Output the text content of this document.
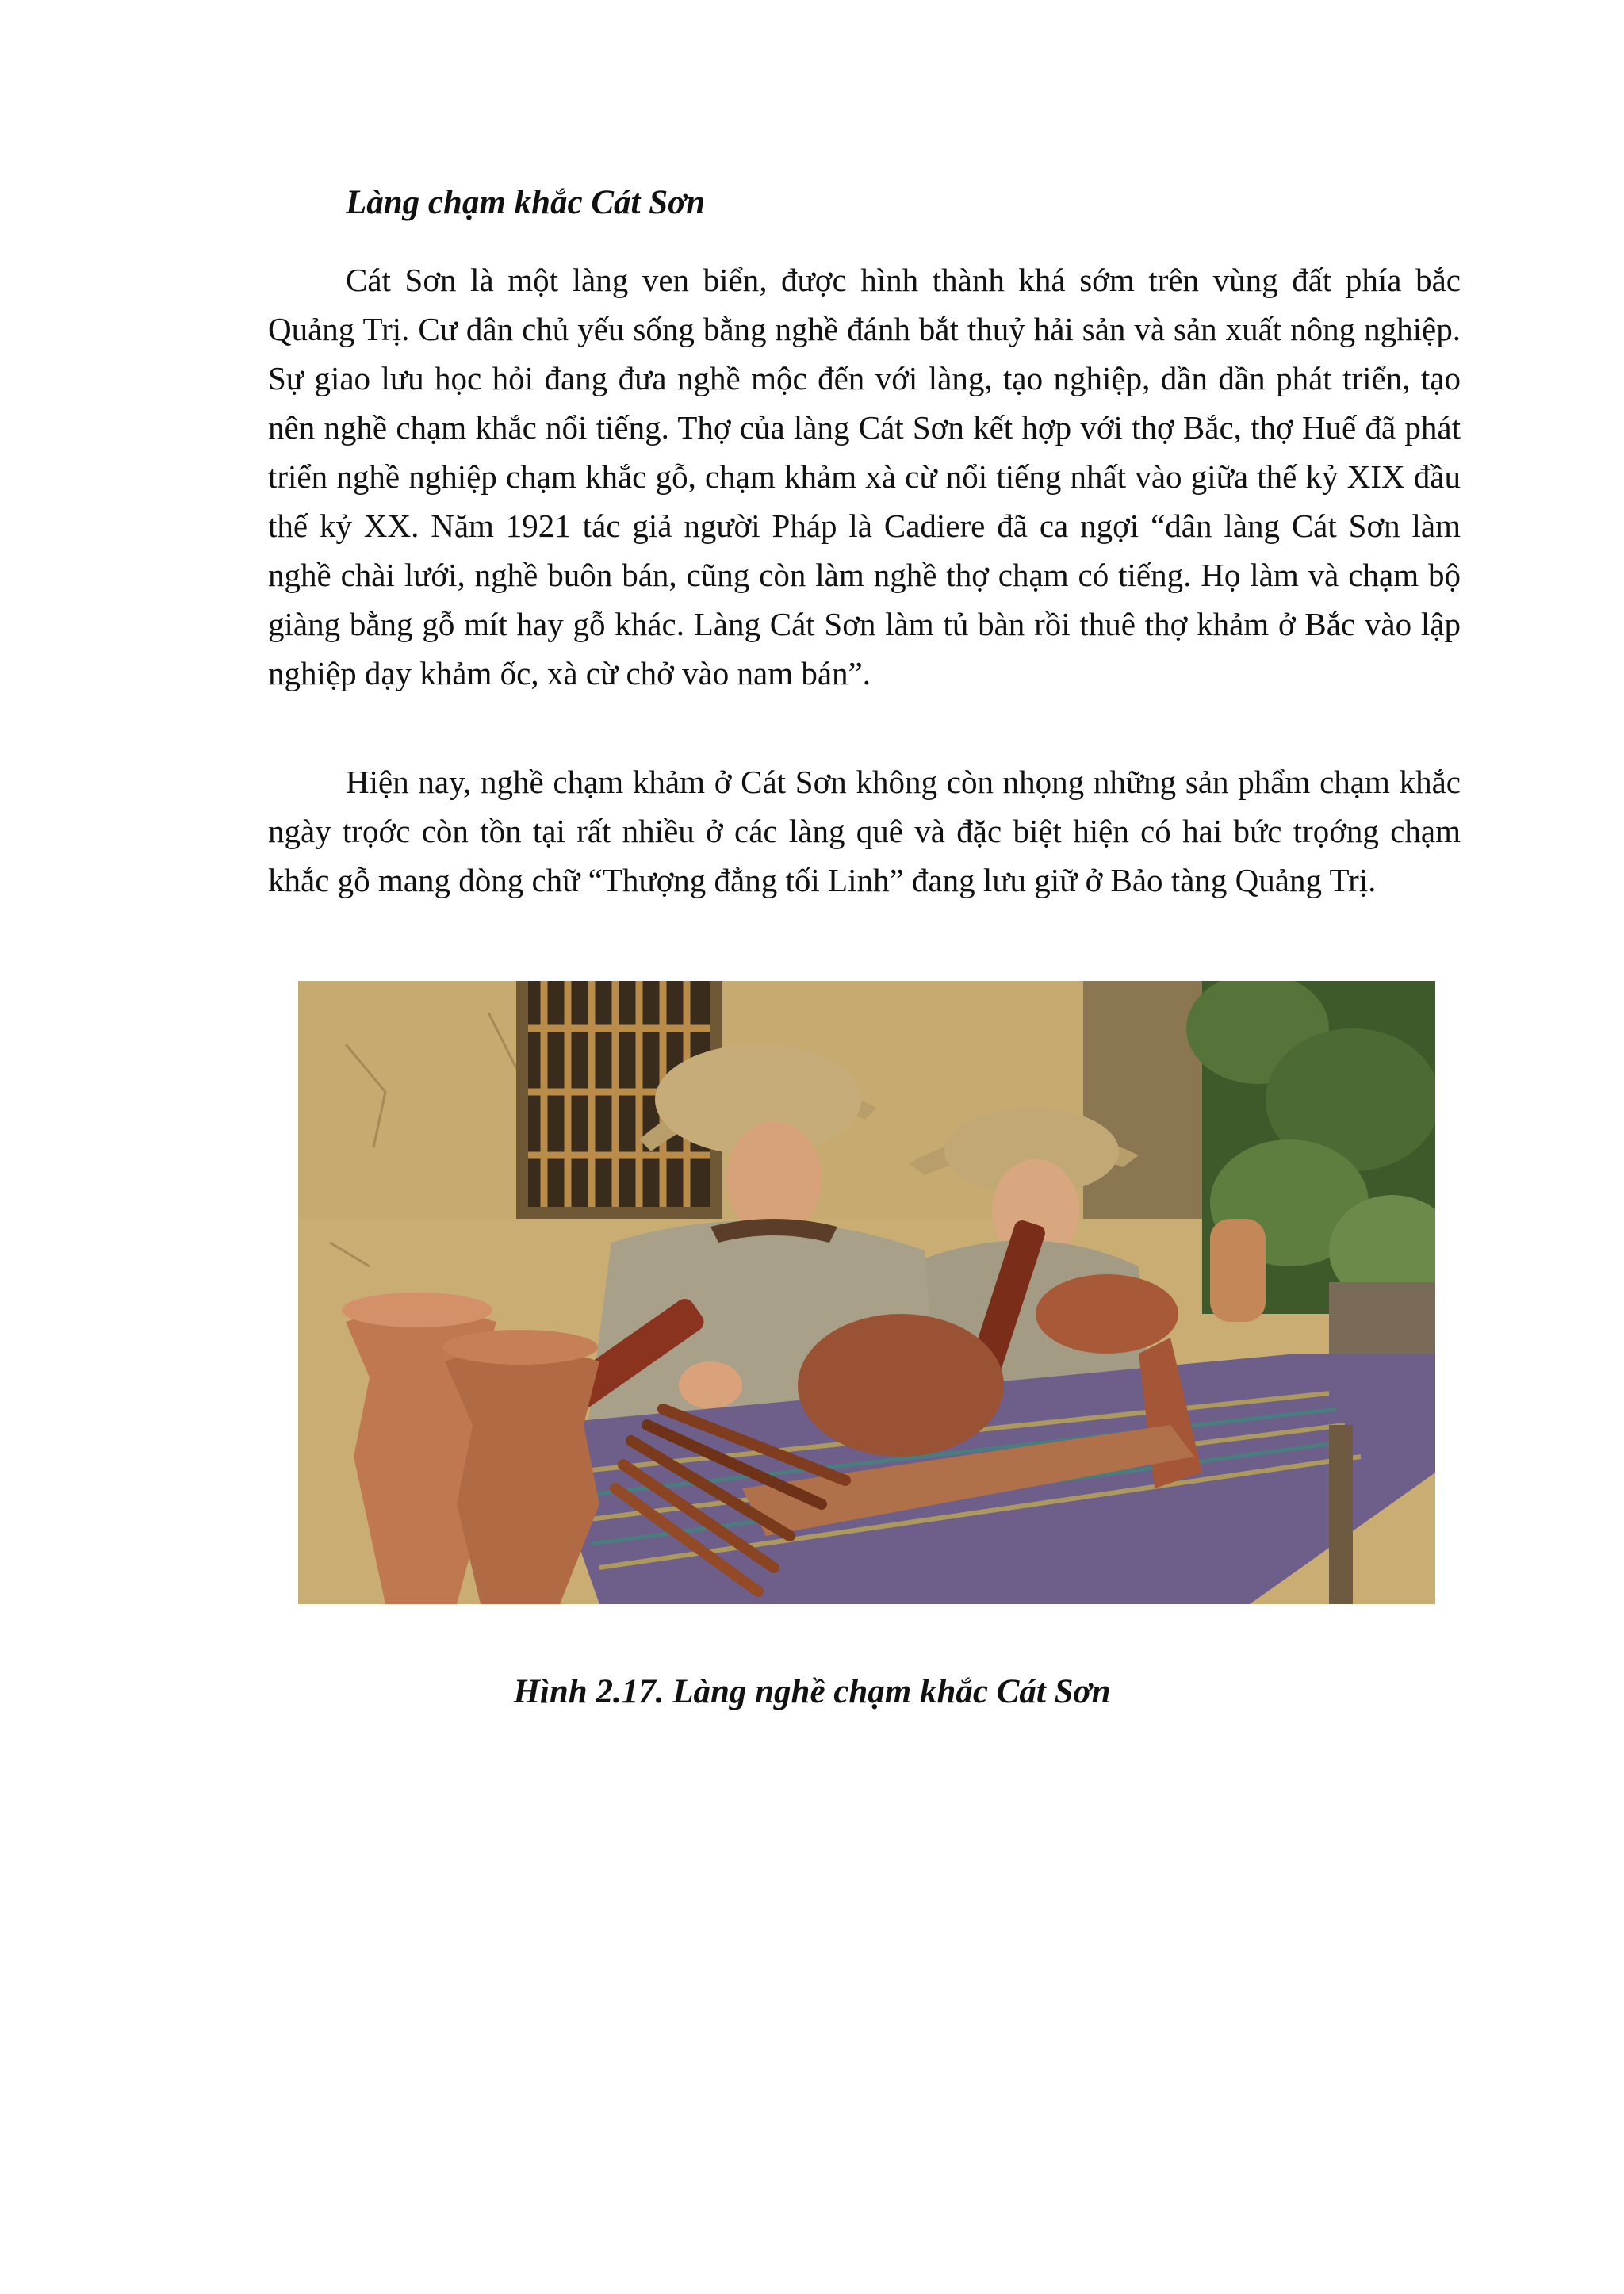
Làng chạm khắc Cát Sơn

Cát Sơn là một làng ven biển, được hình thành khá sớm trên vùng đất phía bắc Quảng Trị. Cư dân chủ yếu sống bằng nghề đánh bắt thuỷ hải sản và sản xuất nông nghiệp. Sự giao lưu học hỏi đang đưa nghề mộc đến với làng, tạo nghiệp, dần dần phát triển, tạo nên nghề chạm khắc nổi tiếng. Thợ của làng Cát Sơn kết hợp với thợ Bắc, thợ Huế đã phát triển nghề nghiệp chạm khắc gỗ, chạm khảm xà cừ nổi tiếng nhất vào giữa thế kỷ XIX đầu thế kỷ XX. Năm 1921 tác giả người Pháp là Cadiere đã ca ngợi “dân làng Cát Sơn làm nghề chài lưới, nghề buôn bán, cũng còn làm nghề thợ chạm có tiếng. Họ làm và chạm bộ giàng bằng gỗ mít hay gỗ khác. Làng Cát Sơn làm tủ bàn rồi thuê thợ khảm ở Bắc vào lập nghiệp dạy khảm ốc, xà cừ chở vào nam bán”.

Hiện nay, nghề chạm khảm ở Cát Sơn không còn nhọng những sản phẩm chạm khắc ngày trọớc còn tồn tại rất nhiều ở các làng quê và đặc biệt hiện có hai bức trọớng chạm khắc gỗ mang dòng chữ “Thượng đẳng tối Linh” đang lưu giữ ở Bảo tàng Quảng Trị.

Hình 2.17. Làng nghề chạm khắc Cát Sơn
